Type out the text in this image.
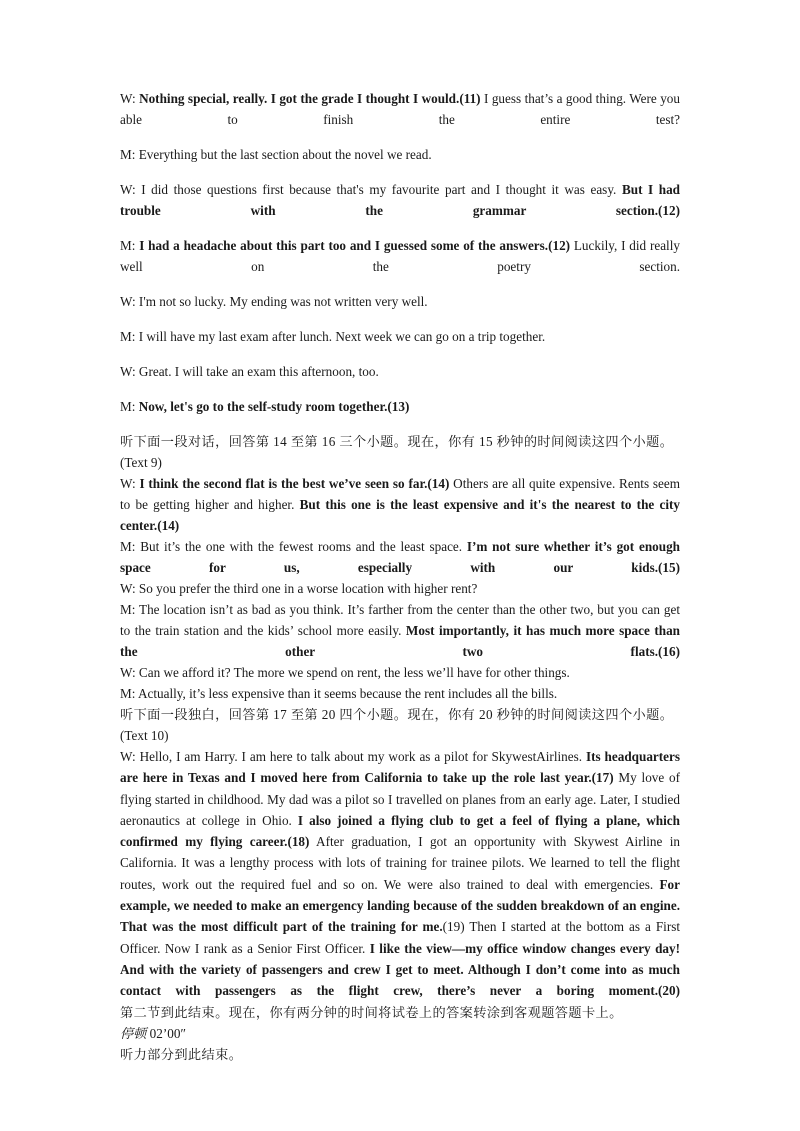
W: Nothing special, really. I got the grade I thought I would.(11) I guess that’s a good thing. Were you able to finish the entire test?
M: Everything but the last section about the novel we read.
W: I did those questions first because that's my favourite part and I thought it was easy. But I had trouble with the grammar section.(12)
M: I had a headache about this part too and I guessed some of the answers.(12) Luckily, I did really well on the poetry section.
W: I'm not so lucky. My ending was not written very well.
M: I will have my last exam after lunch. Next week we can go on a trip together.
W: Great. I will take an exam this afternoon, too.
M: Now, let's go to the self-study room together.(13)
听下面一段对话，回答第 14 至第 16 三个小题。现在，你有 15 秒钟的时间阅读这四个小题。
(Text 9)
W: I think the second flat is the best we’ve seen so far.(14) Others are all quite expensive. Rents seem to be getting higher and higher. But this one is the least expensive and it's the nearest to the city center.(14)
M: But it’s the one with the fewest rooms and the least space. I’m not sure whether it’s got enough space for us, especially with our kids.(15)
W: So you prefer the third one in a worse location with higher rent?
M: The location isn’t as bad as you think. It’s farther from the center than the other two, but you can get to the train station and the kids’ school more easily. Most importantly, it has much more space than the other two flats.(16)
W: Can we afford it? The more we spend on rent, the less we’ll have for other things.
M: Actually, it’s less expensive than it seems because the rent includes all the bills.
听下面一段独白，回答第 17 至第 20 四个小题。现在，你有 20 秒钟的时间阅读这四个小题。
(Text 10)
W: Hello, I am Harry. I am here to talk about my work as a pilot for SkywestAirlines. Its headquarters are here in Texas and I moved here from California to take up the role last year.(17) My love of flying started in childhood. My dad was a pilot so I travelled on planes from an early age. Later, I studied aeronautics at college in Ohio. I also joined a flying club to get a feel of flying a plane, which confirmed my flying career.(18) After graduation, I got an opportunity with Skywest Airline in California. It was a lengthy process with lots of training for trainee pilots. We learned to tell the flight routes, work out the required fuel and so on. We were also trained to deal with emergencies. For example, we needed to make an emergency landing because of the sudden breakdown of an engine. That was the most difficult part of the training for me.(19) Then I started at the bottom as a First Officer. Now I rank as a Senior First Officer. I like the view—my office window changes every day! And with the variety of passengers and crew I get to meet. Although I don’t come into as much contact with passengers as the flight crew, there’s never a boring moment.(20)
第二节到此结束。现在，你有两分钟的时间将试卷上的答案转涂到客观题答题卡上。
停顿 02’00″
听力部分到此结束。
